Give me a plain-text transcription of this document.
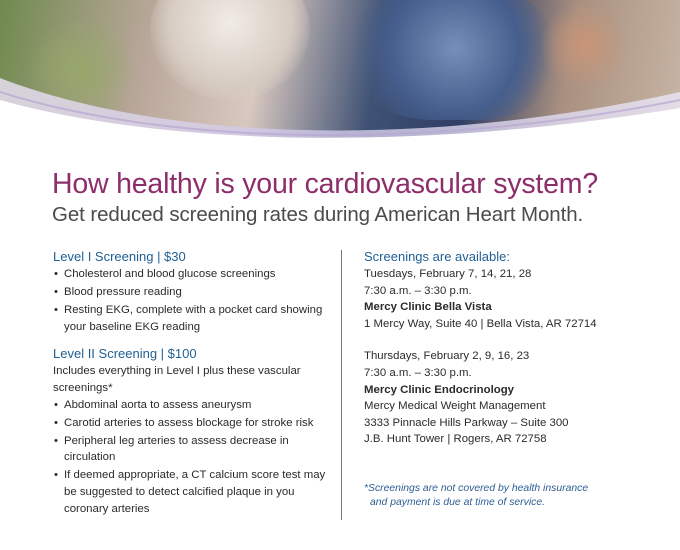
How healthy is your cardiovascular system?
Get reduced screening rates during American Heart Month.
Level I Screening | $30
• Cholesterol and blood glucose screenings
• Blood pressure reading
• Resting EKG, complete with a pocket card showing your baseline EKG reading
Level II Screening | $100
Includes everything in Level I plus these vascular screenings*
• Abdominal aorta to assess aneurysm
• Carotid arteries to assess blockage for stroke risk
• Peripheral leg arteries to assess decrease in circulation
• If deemed appropriate, a CT calcium score test may be suggested to detect calcified plaque in you coronary arteries
Screenings are available:
Tuesdays, February 7, 14, 21, 28
7:30 a.m. – 3:30 p.m.
Mercy Clinic Bella Vista
1 Mercy Way, Suite 40 | Bella Vista, AR 72714
Thursdays, February 2, 9, 16, 23
7:30 a.m. – 3:30 p.m.
Mercy Clinic Endocrinology
Mercy Medical Weight Management
3333 Pinnacle Hills Parkway – Suite 300
J.B. Hunt Tower | Rogers, AR 72758
*Screenings are not covered by health insurance
and payment is due at time of service.
